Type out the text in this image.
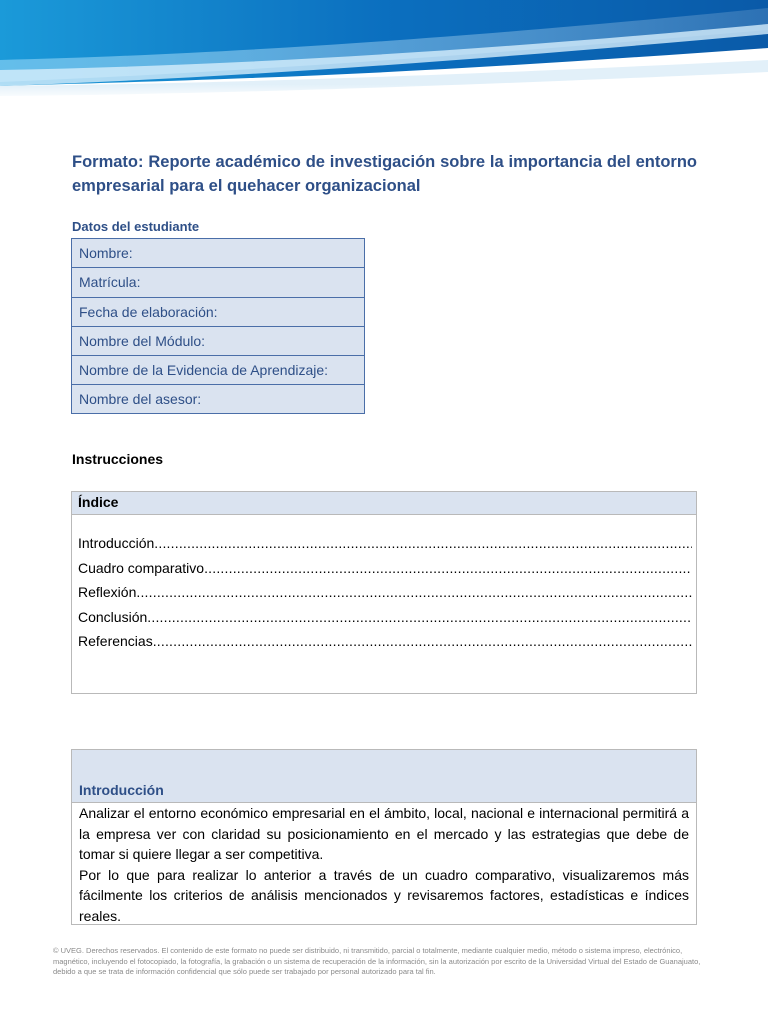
Formato: Reporte académico de investigación sobre la importancia del entorno empresarial para el quehacer organizacional
Datos del estudiante
Nombre:
Matrícula:
Fecha de elaboración:
Nombre del Módulo:
Nombre de la Evidencia de Aprendizaje:
Nombre del asesor:
Instrucciones
Índice
Introducción
.....
Cuadro comparativo
.....
Reflexión
.....
Conclusión
.....
Referencias
.....
Introducción

Analizar el entorno económico empresarial en el ámbito, local, nacional e internacional permitirá a la empresa ver con claridad su posicionamiento en el mercado y las estrategias que debe de tomar si quiere llegar a ser competitiva.

Por lo que para realizar lo anterior a través de un cuadro comparativo, visualizaremos más fácilmente los criterios de análisis mencionados y revisaremos factores, estadísticas e índices reales.

© UVEG. Derechos reservados. El contenido de este formato no puede ser distribuido, ni transmitido, parcial o totalmente, mediante cualquier medio, método o sistema impreso, electrónico, magnético, incluyendo el fotocopiado, la fotografía, la grabación o un sistema de recuperación de la información, sin la autorización por escrito de la Universidad Virtual del Estado de Guanajuato, debido a que se trata de información confidencial que sólo puede ser trabajado por personal autorizado para tal fin.
